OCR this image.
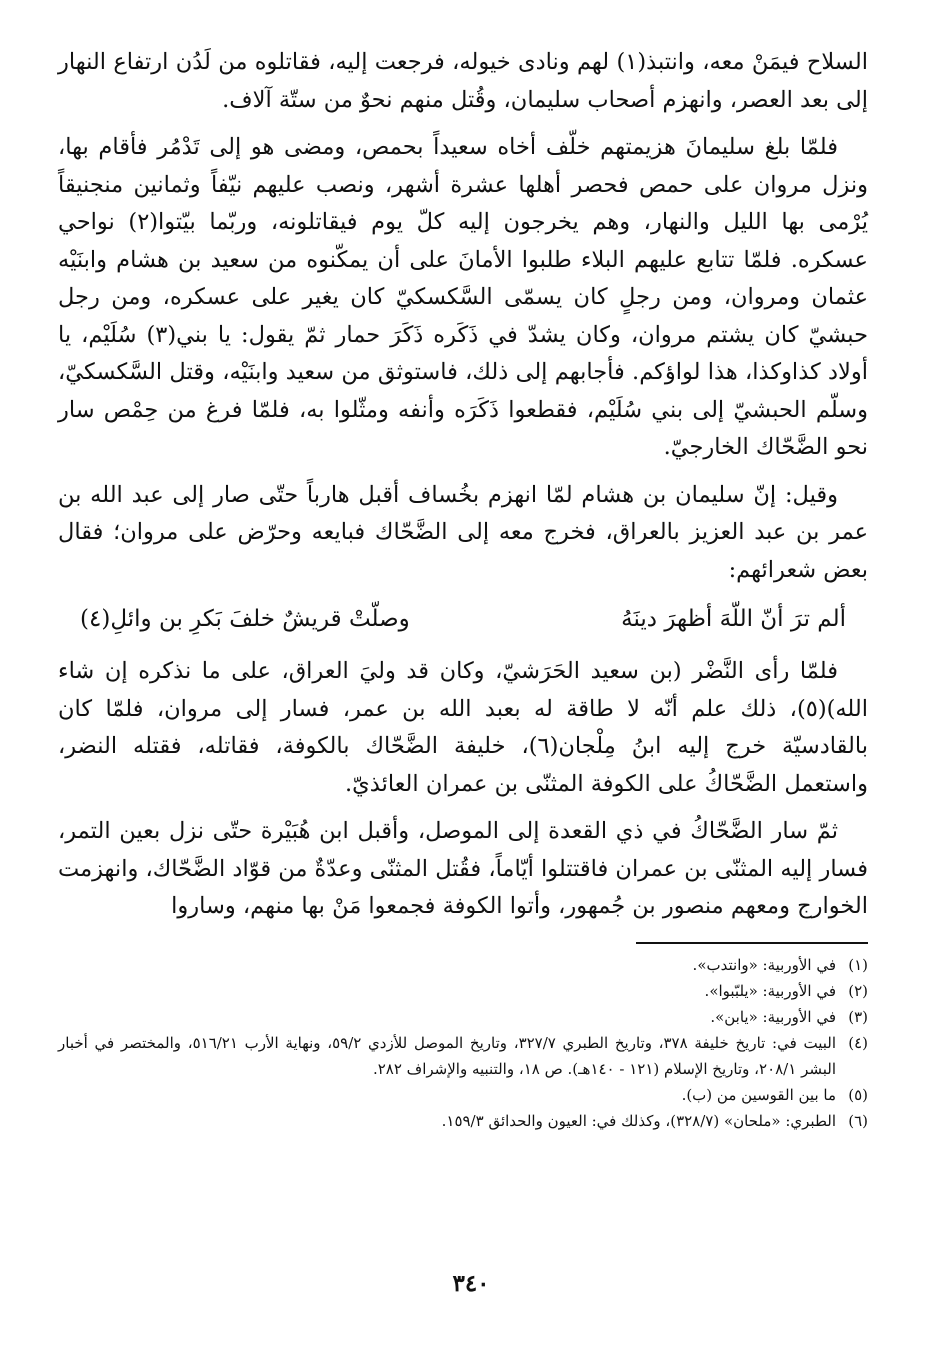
السلاح فيمَنْ معه، وانتبذ(١) لهم ونادى خيوله، فرجعت إليه، فقاتلوه من لَدُن ارتفاع النهار إلى بعد العصر، وانهزم أصحاب سليمان، وقُتل منهم نحوٌ من ستّة آلاف.

فلمّا بلغ سليمانَ هزيمتهم خلّف أخاه سعيداً بحمص، ومضى هو إلى تَدْمُر فأقام بها، ونزل مروان على حمص فحصر أهلها عشرة أشهر، ونصب عليهم نيّفاً وثمانين منجنيقاً يُرْمى بها الليل والنهار، وهم يخرجون إليه كلّ يوم فيقاتلونه، وربّما بيّتوا(٢) نواحي عسكره. فلمّا تتابع عليهم البلاء طلبوا الأمانَ على أن يمكّنوه من سعيد بن هشام وابنَيْه عثمان ومروان، ومن رجلٍ كان يسمّى السَّكسكيّ كان يغير على عسكره، ومن رجل حبشيّ كان يشتم مروان، وكان يشدّ في ذَكَره ذَكَرَ حمار ثمّ يقول: يا بني(٣) سُلَيْم، يا أولاد كذاوكذا، هذا لواؤكم. فأجابهم إلى ذلك، فاستوثق من سعيد وابنَيْه، وقتل السَّكسكيّ، وسلّم الحبشيّ إلى بني سُلَيْم، فقطعوا ذَكَرَه وأنفه ومثّلوا به، فلمّا فرغ من حِمْص سار نحو الضَّحّاك الخارجيّ.

وقيل: إنّ سليمان بن هشام لمّا انهزم بخُساف أقبل هارباً حتّى صار إلى عبد الله بن عمر بن عبد العزيز بالعراق، فخرج معه إلى الضَّحّاك فبايعه وحرّض على مروان؛ فقال بعض شعرائهم:

ألم ترَ أنّ اللّهَ أظهرَ دينَهُ
وصلّتْ قريشٌ خلفَ بَكرِ بن وائلِ(٤)

فلمّا رأى النَّضْر (بن سعيد الحَرَشيّ، وكان قد وليَ العراق، على ما نذكره إن شاء الله)(٥)، ذلك علم أنّه لا طاقة له بعبد الله بن عمر، فسار إلى مروان، فلمّا كان بالقادسيّة خرج إليه ابنُ مِلْجان(٦)، خليفة الضَّحّاك بالكوفة، فقاتله، فقتله النضر، واستعمل الضَّحّاكُ على الكوفة المثنّى بن عمران العائذيّ.

ثمّ سار الضَّحّاكُ في ذي القعدة إلى الموصل، وأقبل ابن هُبَيْرة حتّى نزل بعين التمر، فسار إليه المثنّى بن عمران فاقتتلوا أيّاماً، فقُتل المثنّى وعدّةٌ من قوّاد الضَّحّاك، وانهزمت الخوارج ومعهم منصور بن جُمهور، وأتوا الكوفة فجمعوا مَنْ بها منهم، وساروا

(١)في الأوربية: «وانتدب».

(٢)في الأوربية: «يلبّبوا».

(٣)في الأوربية: «يابن».

(٤)البيت في: تاريخ خليفة ٣٧٨، وتاريخ الطبري ٣٢٧/٧، وتاريخ الموصل للأزدي ٥٩/٢، ونهاية الأرب ٥١٦/٢١، والمختصر في أخبار البشر ٢٠٨/١، وتاريخ الإسلام (١٢١ - ١٤٠هـ). ص ١٨، والتنبيه والإشراف ٢٨٢.

(٥)ما بين القوسين من (ب).

(٦)الطبري: «ملحان» (٣٢٨/٧)، وكذلك في: العيون والحدائق ١٥٩/٣.

٣٤٠
